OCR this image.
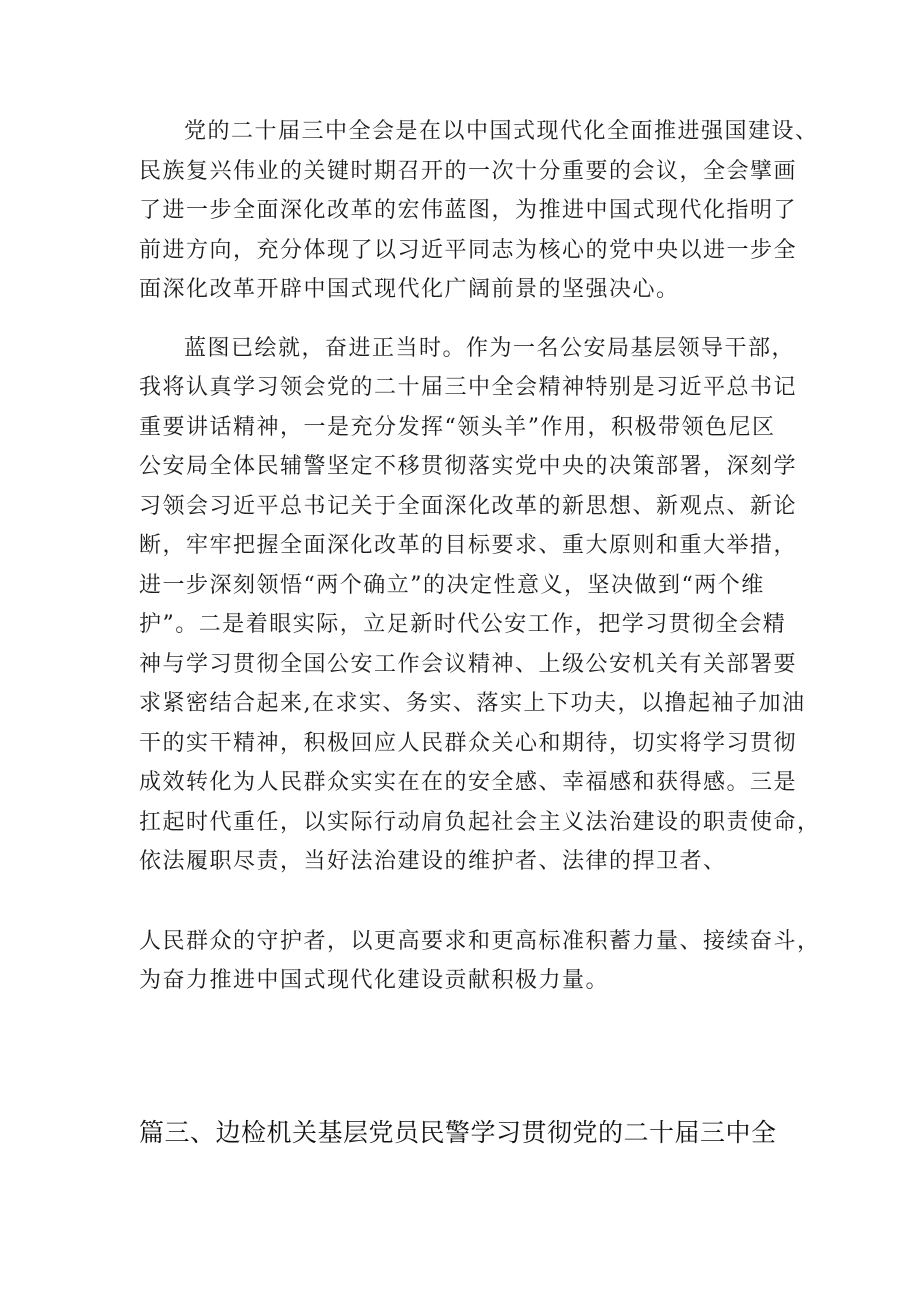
党的二十届三中全会是在以中国式现代化全面推进强国建设、
民族复兴伟业的关键时期召开的一次十分重要的会议，全会擘画
了进一步全面深化改革的宏伟蓝图，为推进中国式现代化指明了
前进方向，充分体现了以习近平同志为核心的党中央以进一步全
面深化改革开辟中国式现代化广阔前景的坚强决心。
蓝图已绘就，奋进正当时。作为一名公安局基层领导干部，
我将认真学习领会党的二十届三中全会精神特别是习近平总书记
重要讲话精神，一是充分发挥“领头羊”作用，积极带领色尼区
公安局全体民辅警坚定不移贯彻落实党中央的决策部署，深刻学
习领会习近平总书记关于全面深化改革的新思想、新观点、新论
断，牢牢把握全面深化改革的目标要求、重大原则和重大举措，
进一步深刻领悟“两个确立”的决定性意义，坚决做到“两个维
护”。二是着眼实际，立足新时代公安工作，把学习贯彻全会精
神与学习贯彻全国公安工作会议精神、上级公安机关有关部署要
求紧密结合起来,在求实、务实、落实上下功夫，以撸起袖子加油
干的实干精神，积极回应人民群众关心和期待，切实将学习贯彻
成效转化为人民群众实实在在的安全感、幸福感和获得感。三是
扛起时代重任，以实际行动肩负起社会主义法治建设的职责使命，
依法履职尽责，当好法治建设的维护者、法律的捍卫者、
人民群众的守护者，以更高要求和更高标准积蓄力量、接续奋斗，
为奋力推进中国式现代化建设贡献积极力量。
篇三、边检机关基层党员民警学习贯彻党的二十届三中全
